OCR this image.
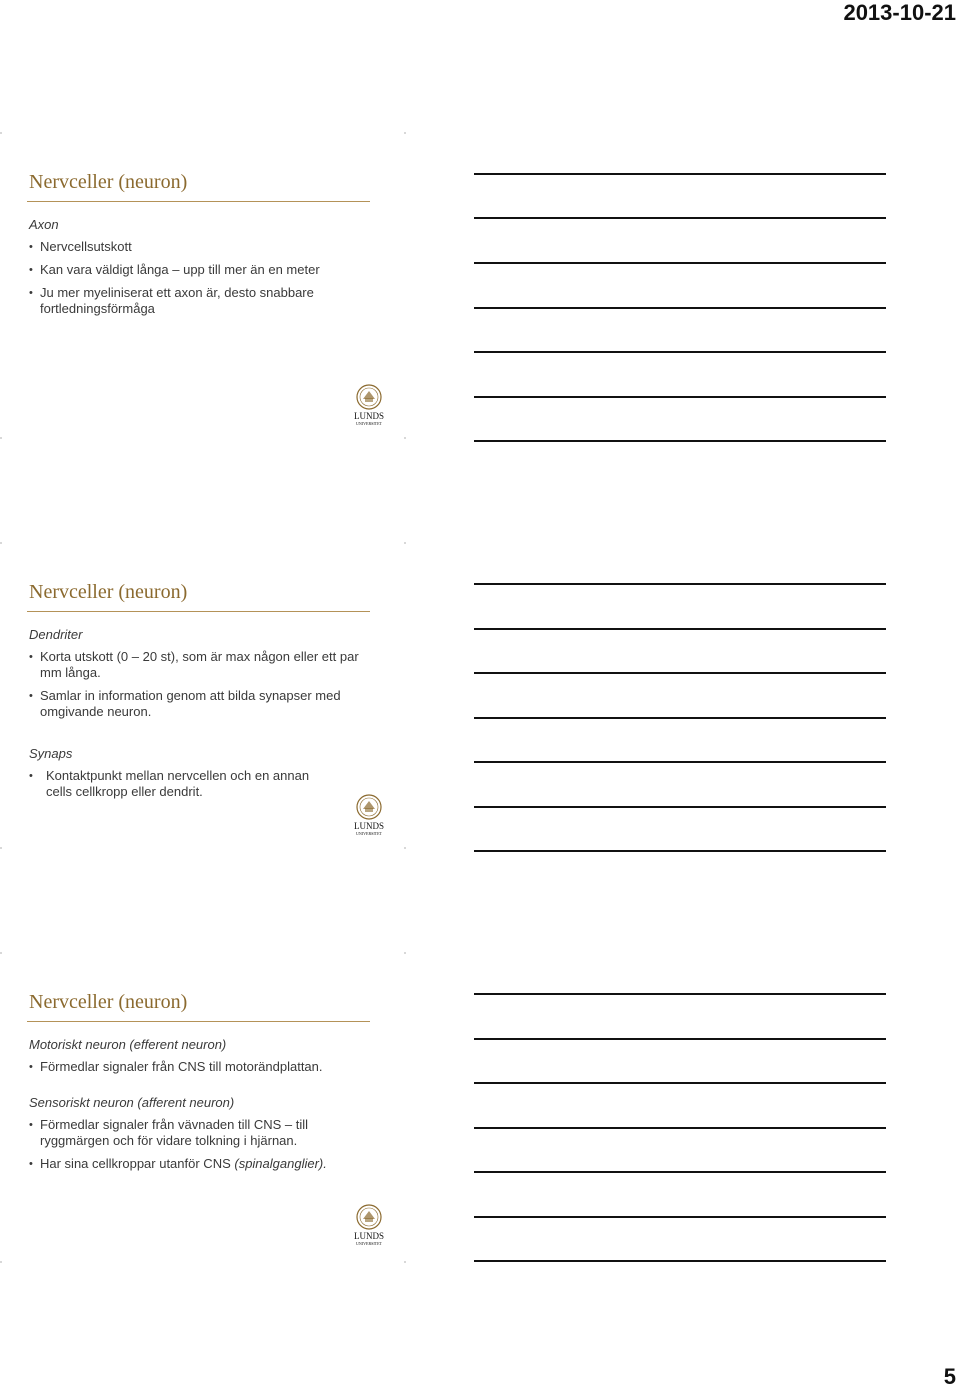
2013-10-21
Nervceller (neuron)
Axon
• Nervcellsutskott
• Kan vara väldigt långa – upp till mer än en meter
• Ju mer myeliniserat ett axon är, desto snabbare fortledningsförmåga
Nervceller (neuron)
Dendriter
• Korta utskott (0 – 20 st), som är max någon eller ett par mm långa.
• Samlar in information genom att bilda synapser med omgivande neuron.
Synaps
• Kontaktpunkt mellan nervcellen och en annan cells cellkropp eller dendrit.
Nervceller (neuron)
Motoriskt neuron (efferent neuron)
• Förmedlar signaler från CNS till motorändplattan.
Sensoriskt neuron (afferent neuron)
• Förmedlar signaler från vävnaden till CNS – till ryggmärgen och för vidare tolkning i hjärnan.
• Har sina cellkroppar utanför CNS (spinalganglier).
LUNDS
UNIVERSITET
LUNDS
UNIVERSITET
LUNDS
UNIVERSITET
5
